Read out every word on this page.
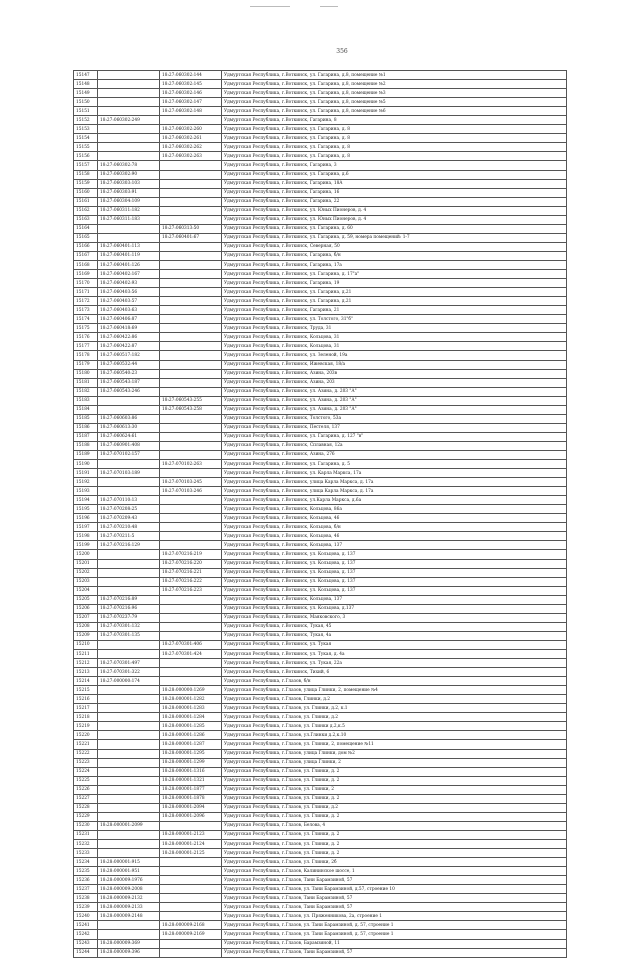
356
15147		18:27:060302:144	Удмуртская Республика, г.Воткинск, ул. Гагарина, д.8, помещение №1
15148		18:27:060302:145	Удмуртская Республика, г.Воткинск, ул. Гагарина, д.8, помещение №2
15149		18:27:060302:146	Удмуртская Республика, г.Воткинск, ул. Гагарина, д.8, помещение №3
15150		18:27:060302:147	Удмуртская Республика, г.Воткинск, ул. Гагарина, д.8, помещение №5
15151		18:27:060302:148	Удмуртская Республика, г.Воткинск, ул. Гагарина, д.8, помещение №6
15152	18:27:060302:249		Удмуртская Республика, г.Воткинск, Гагарина, 8
15153		18:27:060302:260	Удмуртская Республика, г.Воткинск, ул. Гагарина, д. 8
15154		18:27:060302:261	Удмуртская Республика, г.Воткинск, ул. Гагарина, д. 8
15155		18:27:060302:262	Удмуртская Республика, г.Воткинск, ул. Гагарина, д. 8
15156		18:27:060302:263	Удмуртская Республика, г.Воткинск, ул. Гагарина, д. 8
15157	18:27:060302:78		Удмуртская Республика, г.Воткинск, Гагарина, 3
15158	18:27:060302:90		Удмуртская Республика, г.Воткинск, ул. Гагарина, д.6
15159	18:27:060303:103		Удмуртская Республика, г.Воткинск, Гагарина, 18А
15160	18:27:060303:91		Удмуртская Республика, г.Воткинск, Гагарина, 16
15161	18:27:060304:109		Удмуртская Республика, г.Воткинск, Гагарина, 22
15162	18:27:060311:182		Удмуртская Республика, г.Воткинск, ул. Юных Пионеров, д. 4
15163	18:27:060311:183		Удмуртская Республика, г.Воткинск, ул. Юных Пионеров, д. 4
15164		18:27:060313:50	Удмуртская Республика, г.Воткинск, ул. Гагарина, д. 60
15165		18:27:060401:67	Удмуртская Республика, г.Воткинск, ул. Гагарина, д. 59, номера помещений: 1-7
15166	18:27:060401:113		Удмуртская Республика, г.Воткинск, Северная, 50
15167	18:27:060401:119		Удмуртская Республика, г.Воткинск, Гагарина, б/н
15168	18:27:060401:126		Удмуртская Республика, г.Воткинск, Гагарина, 17а
15169	18:27:060402:167		Удмуртская Республика, г.Воткинск, ул. Гагарина, д. 17"а"
15170	18:27:060402:93		Удмуртская Республика, г.Воткинск, Гагарина, 19
15171	18:27:060403:56		Удмуртская Республика, г.Воткинск, ул. Гагарина, д.21
15172	18:27:060403:57		Удмуртская Республика, г.Воткинск, ул. Гагарина, д.21
15173	18:27:060403:63		Удмуртская Республика, г.Воткинск, Гагарина, 21
15174	18:27:060406:87		Удмуртская Республика, г.Воткинск, ул. Толстого, 31"б"
15175	18:27:060418:69		Удмуртская Республика, г.Воткинск, Труда, 31
15176	18:27:060422:86		Удмуртская Республика, г.Воткинск, Кольцова, 31
15177	18:27:060422:87		Удмуртская Республика, г.Воткинск, Кольцова, 31
15178	18:27:060517:182		Удмуртская Республика, г.Воткинск, ул. Зеленой, 19а
15179	18:27:060532:44		Удмуртская Республика, г.Воткинск, Ижевская, 18/а
15180	18:27:060540:23		Удмуртская Республика, г.Воткинск, Азина, 203в
15181	18:27:060543:187		Удмуртская Республика, г.Воткинск, Азина, 203
15182	18:27:060543:246		Удмуртская Республика, г.Воткинск, ул. Азина, д. 203 "А"
15183		18:27:060543:255	Удмуртская Республика, г.Воткинск, ул. Азина, д. 203 "А"
15184		18:27:060543:258	Удмуртская Республика, г.Воткинск, ул. Азина, д. 203 "А"
15185	18:27:060603:86		Удмуртская Республика, г.Воткинск, Толстого, 53а
15186	18:27:060613:30		Удмуртская Республика, г.Воткинск, Пестеля, 137
15187	18:27:060624:61		Удмуртская Республика, г.Воткинск, ул. Гагарина, д. 127 "в"
15188	18:27:060901:408		Удмуртская Республика, г.Воткинск, Сплавная, 12а
15189	18:27:070102:157		Удмуртская Республика, г.Воткинск, Азина, 276
15190		18:27:070102:263	Удмуртская Республика, г.Воткинск, ул. Гагарина, д. 5
15191	18:27:070103:189		Удмуртская Республика, г.Воткинск, ул. Карла Маркса, 17а
15192		18:27:070103:245	Удмуртская Республика, г.Воткинск, улица Карла Маркса, д. 17а
15193		18:27:070103:246	Удмуртская Республика, г.Воткинск, улица Карла Маркса, д. 17а
15194	18:27:070110:13		Удмуртская Республика, г.Воткинск, ул.Карла Маркса, д.6а
15195	18:27:070208:25		Удмуртская Республика, г.Воткинск, Кольцова, 86а
15196	18:27:070209:43		Удмуртская Республика, г.Воткинск, Кольцова, 46
15197	18:27:070210:48		Удмуртская Республика, г.Воткинск, Кольцова, б/н
15198	18:27:070211:5		Удмуртская Республика, г.Воткинск, Кольцова, 46
15199	18:27:070216:129		Удмуртская Республика, г.Воткинск, Кольцова, 137
15200		18:27:070216:219	Удмуртская Республика, г.Воткинск, ул. Кольцова, д. 137
15201		18:27:070216:220	Удмуртская Республика, г.Воткинск, ул. Кольцова, д. 137
15202		18:27:070216:221	Удмуртская Республика, г.Воткинск, ул. Кольцова, д. 137
15203		18:27:070216:222	Удмуртская Республика, г.Воткинск, ул. Кольцова, д. 137
15204		18:27:070216:223	Удмуртская Республика, г.Воткинск, ул. Кольцова, д. 137
15205	18:27:070216:89		Удмуртская Республика, г.Воткинск, Кольцова, 137
15206	18:27:070216:96		Удмуртская Республика, г.Воткинск, ул. Кольцова, д.137
15207	18:27:070237:79		Удмуртская Республика, г.Воткинск, Маяковского, 3
15208	18:27:070301:132		Удмуртская Республика, г.Воткинск, Тукая, 45
15209	18:27:070301:135		Удмуртская Республика, г.Воткинск, Тукая, 4а
15210		18:27:070301:406	Удмуртская Республика, г.Воткинск, ул. Тукая
15211		18:27:070301:424	Удмуртская Республика, г.Воткинск, ул. Тукая, д. 4а
15212	18:27:070301:497		Удмуртская Республика, г.Воткинск, ул. Тукая, 22а
15213	18:27:070301:322		Удмуртская Республика, г.Воткинск, Тихий, 6
15214	18:27:000000:174		Удмуртская Республика, г.Глазов, б/н
15215		18:28:000000:1269	Удмуртская Республика, г.Глазов, улица Глинки, 2, помещение №4
15216		18:28:000001:1282	Удмуртская Республика, г.Глазов, Глинки, д.2
15217		18:28:000001:1283	Удмуртская Республика, г.Глазов, ул. Глинки, д.2, к.1
15218		18:28:000001:1284	Удмуртская Республика, г.Глазов, ул. Глинки, д.2
15219		18:28:000001:1285	Удмуртская Республика, г.Глазов, ул. Глинки д.2,к.5
15220		18:28:000001:1286	Удмуртская Республика, г.Глазов, ул.Глинки д.2,к.10
15221		18:28:000001:1287	Удмуртская Республика, г.Глазов, ул. Глинки, 2, помещение №11
15222		18:28:000001:1295	Удмуртская Республика, г.Глазов, улица Глинки, дом №2
15223		18:28:000001:1299	Удмуртская Республика, г.Глазов, улица Глинки, 2
15224		18:28:000001:1316	Удмуртская Республика, г.Глазов, ул. Глинки, д. 2
15225		18:28:000001:1321	Удмуртская Республика, г.Глазов, ул. Глинки, д. 2
15226		18:28:000001:1877	Удмуртская Республика, г.Глазов, ул. Глинки, 2
15227		18:28:000001:1878	Удмуртская Республика, г.Глазов, ул. Глинки, д. 2
15228		18:28:000001:2094	Удмуртская Республика, г.Глазов, ул. Глинки, д.2
15229		18:28:000001:2096	Удмуртская Республика, г.Глазов, ул. Глинки, д. 2
15230	18:28:000001:2099		Удмуртская Республика, г.Глазов, Белова, 4
15231		18:28:000001:2123	Удмуртская Республика, г.Глазов, ул. Глинки, д. 2
15232		18:28:000001:2124	Удмуртская Республика, г.Глазов, ул. Глинки, д. 2
15233		18:28:000001:2125	Удмуртская Республика, г.Глазов, ул. Глинки, д. 2
15234	18:28:000001:915		Удмуртская Республика, г.Глазов, ул. Глинки, 2б
15235	18:28:000001:951		Удмуртская Республика, г.Глазов, Калининское шоссе, 1
15236	18:28:000009:1976		Удмуртская Республика, г.Глазов, Тани Барамзиной, 57
15237	18:28:000009:2008		Удмуртская Республика, г.Глазов, ул. Тани Барамзиной, д.57, строение 10
15238	18:28:000009:2132		Удмуртская Республика, г.Глазов, Тани Барамзиной, 57
15239	18:28:000009:2133		Удмуртская Республика, г.Глазов, Тани Барамзиной, 57
15240	18:28:000009:2148		Удмуртская Республика, г.Глазов, ул. Пряженникова, 2а, строение 1
15241		18:28:000009:2168	Удмуртская Республика, г.Глазов, ул. Тани Барамзиной, д. 57, строение 1
15242		18:28:000009:2169	Удмуртская Республика, г.Глазов, ул. Тани Барамзиной, д. 57, строение 1
15243	18:28:000009:369		Удмуртская Республика, г.Глазов, Барамзиной, 11
15244	18:28:000009:396		Удмуртская Республика, г.Глазов, Тани Барамзиной, 57
